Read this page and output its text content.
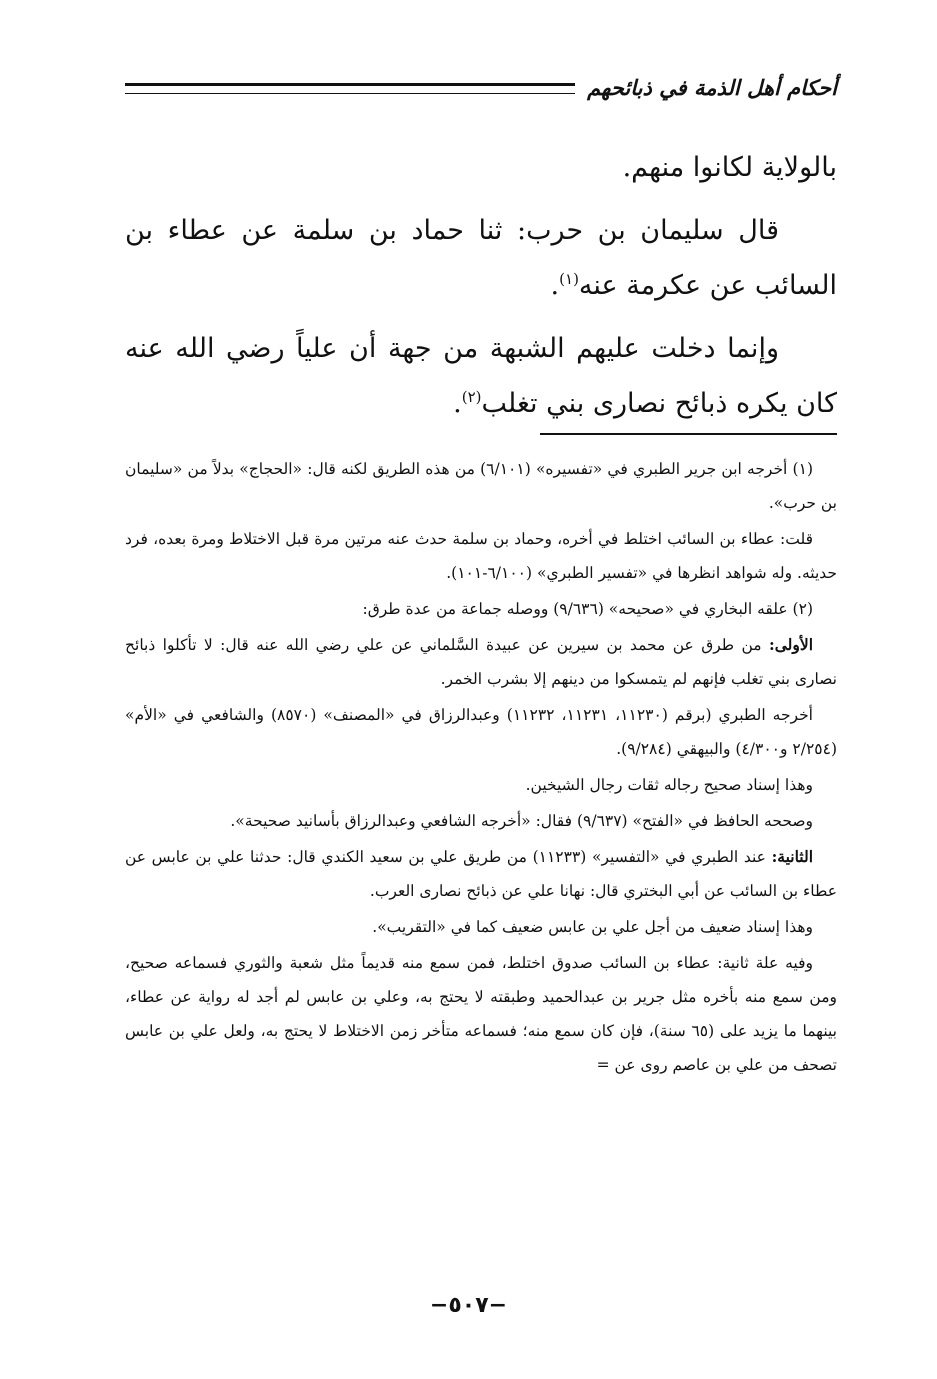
أحكام أهل الذمة في ذبائحهم

بالولاية لكانوا منهم.

قال سليمان بن حرب: ثنا حماد بن سلمة عن عطاء بن السائب عن عكرمة عنه$^{(١)}$.

وإنما دخلت عليهم الشبهة من جهة أن علياً رضي الله عنه كان يكره ذبائح نصارى بني تغلب$^{(٢)}$.

(١) أخرجه ابن جرير الطبري في «تفسيره» (٦/١٠١) من هذه الطريق لكنه قال: «الحجاج» بدلاً من «سليمان بن حرب».

قلت: عطاء بن السائب اختلط في أخره، وحماد بن سلمة حدث عنه مرتين مرة قبل الاختلاط ومرة بعده، فرد حديثه. وله شواهد انظرها في «تفسير الطبري» (٦/١٠٠-١٠١).

(٢) علقه البخاري في «صحيحه» (٩/٦٣٦) ووصله جماعة من عدة طرق:

الأولى: من طرق عن محمد بن سيرين عن عبيدة السَّلماني عن علي رضي الله عنه قال: لا تأكلوا ذبائح نصارى بني تغلب فإنهم لم يتمسكوا من دينهم إلا بشرب الخمر.

أخرجه الطبري (برقم (١١٢٣٠، ١١٢٣١، ١١٢٣٢) وعبدالرزاق في «المصنف» (٨٥٧٠) والشافعي في «الأم» (٢/٢٥٤ و٤/٣٠٠) والبيهقي (٩/٢٨٤).

وهذا إسناد صحيح رجاله ثقات رجال الشيخين.

وصححه الحافظ في «الفتح» (٩/٦٣٧) فقال: «أخرجه الشافعي وعبدالرزاق بأسانيد صحيحة».

الثانية: عند الطبري في «التفسير» (١١٢٣٣) من طريق علي بن سعيد الكندي قال: حدثنا علي بن عابس عن عطاء بن السائب عن أبي البختري قال: نهانا علي عن ذبائح نصارى العرب.

وهذا إسناد ضعيف من أجل علي بن عابس ضعيف كما في «التقريب».

وفيه علة ثانية: عطاء بن السائب صدوق اختلط، فمن سمع منه قديماً مثل شعبة والثوري فسماعه صحيح، ومن سمع منه بأخره مثل جرير بن عبدالحميد وطبقته لا يحتج به، وعلي بن عابس لم أجد له رواية عن عطاء، بينهما ما يزيد على (٦٥ سنة)، فإن كان سمع منه؛ فسماعه متأخر زمن الاختلاط لا يحتج به، ولعل علي بن عابس تصحف من علي بن عاصم روى عن =

−٥٠٧−
